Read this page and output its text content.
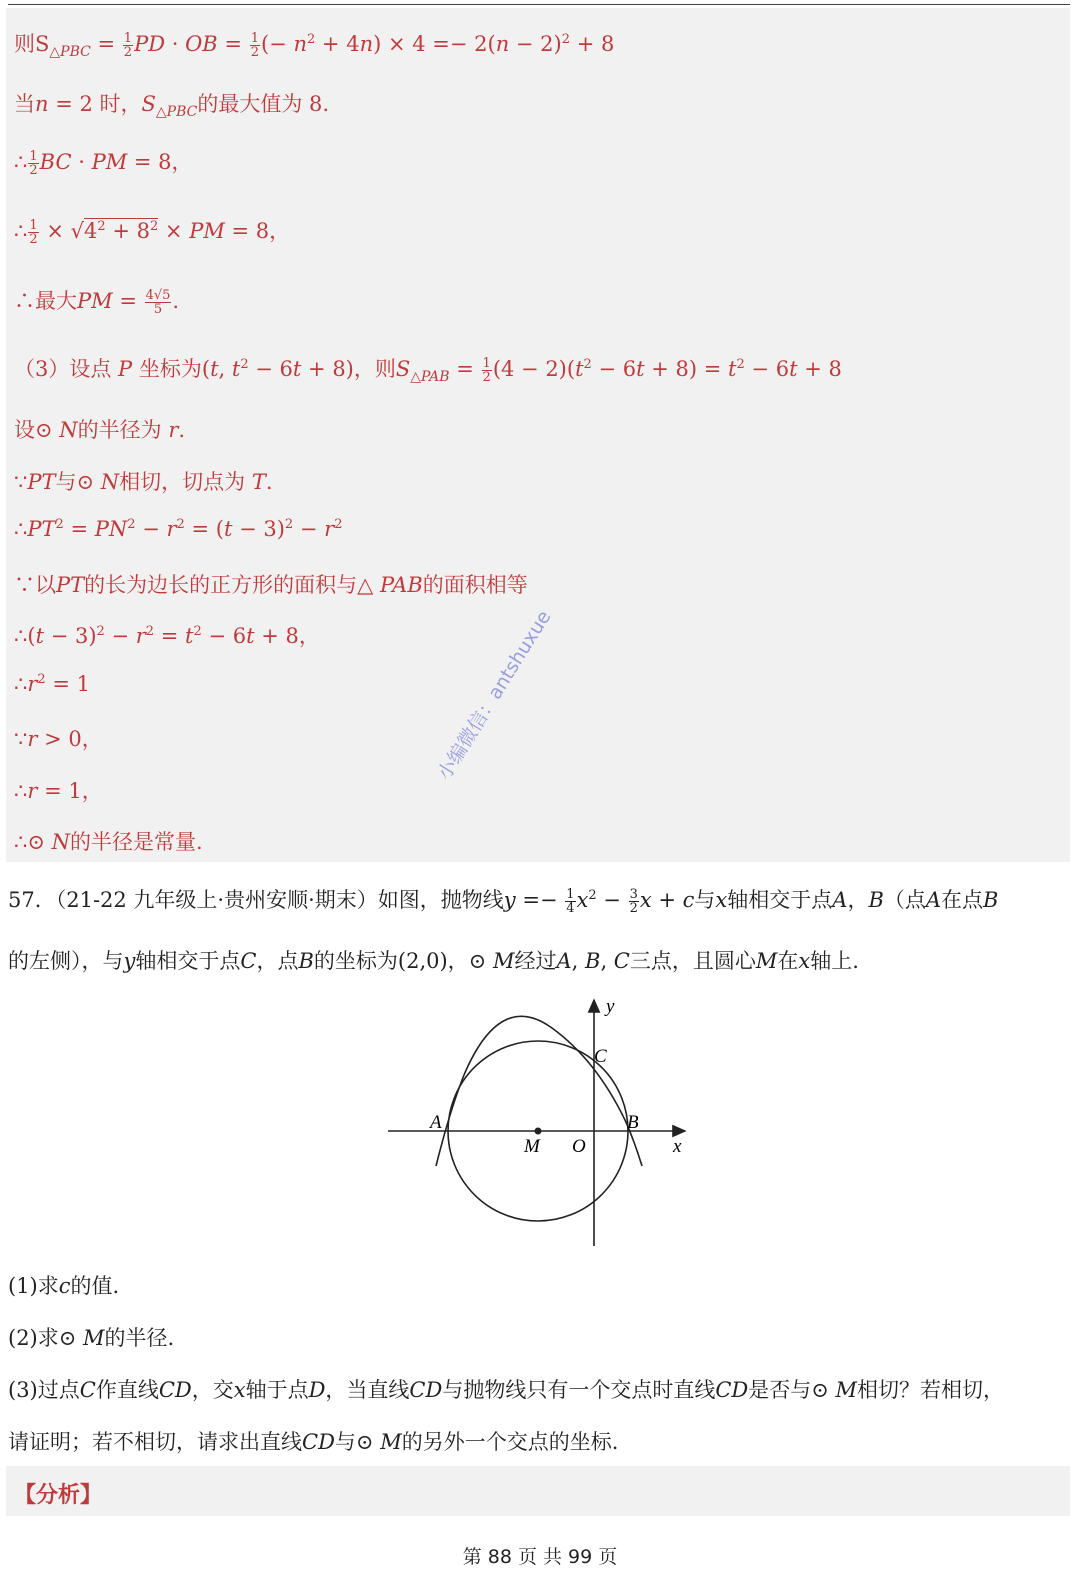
则$S_{\triangle PBC} = \frac{1}{2}$ PD · OB = $\frac{1}{2}$ (− $n^2 + 4n) \times 4 =- 2(n - 2)^2 + 8$
当n = 2 时，$S_{\triangle PBC}$的最大值为 8.
∴ $\frac{1}{2}$ BC · PM = 8，
∴ $\frac{1}{2} \times √4^2 + 8^2$ × PM = 8，
∴最大PM = $\frac{4√5}{5}$ .
（3）设点 P 坐标为(t, $t^2 - 6t + 8$)，则$S_{\triangle PAB} = \frac{1}{2} (4 - 2)(t^2 - 6t + 8) = t^2 - 6t + 8$
设⊙ N的半径为 r.
∵PT与⊙ N相切，切点为 T.
$\therefore PT^2 = PN^2 - r^2 = (t - 3)^2 - r^2$
∵以PT的长为边长的正方形的面积与△ PAB的面积相等
∴(t − $3)^2 - r^2 = t^2 - 6t + 8$，
$\therefore r^2 = 1$
∵r > 0，
∴r = 1，
∴⊙ N的半径是常量.
小编微信：antshuxue
57．（21-22 九年级上·贵州安顺·期末）如图，抛物线$y =- \frac{1}{4} x^2 - \frac{3}{2}$ x + c与x轴相交于点A，B（点A在点B
的左侧），与y轴相交于点C，点B的坐标为(2,0)，⊙ M经过A, B, C三点，且圆心M在x轴上.
y
C
A	B
M O	x
(1)求c的值.
(2)求⊙ M的半径.
(3)过点C作直线CD，交x轴于点D，当直线CD与抛物线只有一个交点时直线CD是否与⊙ M相切？若相切，
请证明；若不相切，请求出直线CD与⊙ M的另外一个交点的坐标.
【分析】
第 88 页 共 99 页
